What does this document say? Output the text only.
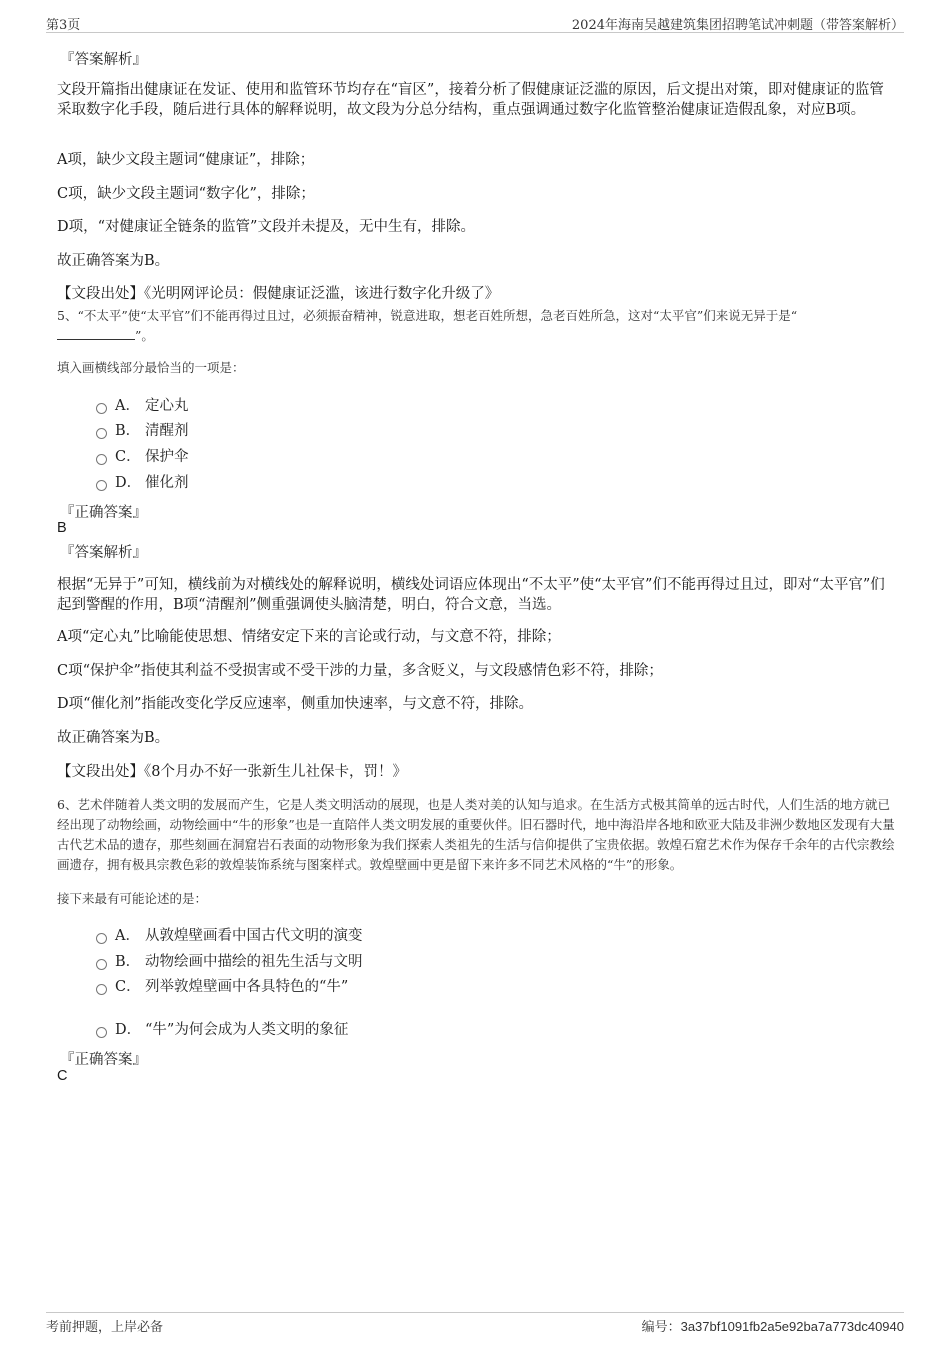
第3页	2024年海南吴越建筑集团招聘笔试冲刺题（带答案解析）
『答案解析』
文段开篇指出健康证在发证、使用和监管环节均存在“盲区”，接着分析了假健康证泛滥的原因，后文提出对策，即对健康证的监管采取数字化手段，随后进行具体的解释说明，故文段为分总分结构，重点强调通过数字化监管整治健康证造假乱象，对应B项。
A项，缺少文段主题词“健康证”，排除；
C项，缺少文段主题词“数字化”，排除；
D项，“对健康证全链条的监管”文段并未提及，无中生有，排除。
故正确答案为B。
【文段出处】《光明网评论员：假健康证泛滥，该进行数字化升级了》
5、“不太平”使“太平官”们不能再得过且过，必须振奋精神，锐意进取，想老百姓所想，急老百姓所急，这对“太平官”们来说无异于是“
”。
填入画横线部分最恰当的一项是：
A． 定心丸
B． 清醒剂
C． 保护伞
D． 催化剂
『正确答案』
B
『答案解析』
根据“无异于”可知，横线前为对横线处的解释说明，横线处词语应体现出“不太平”使“太平官”们不能再得过且过，即对“太平官”们起到警醒的作用，B项“清醒剂”侧重强调使头脑清楚，明白，符合文意，当选。
A项“定心丸”比喻能使思想、情绪安定下来的言论或行动，与文意不符，排除；
C项“保护伞”指使其利益不受损害或不受干涉的力量，多含贬义，与文段感情色彩不符，排除；
D项“催化剂”指能改变化学反应速率，侧重加快速率，与文意不符，排除。
故正确答案为B。
【文段出处】《8个月办不好一张新生儿社保卡，罚！》
6、艺术伴随着人类文明的发展而产生，它是人类文明活动的展现，也是人类对美的认知与追求。在生活方式极其简单的远古时代，人们生活的地方就已经出现了动物绘画，动物绘画中“牛的形象”也是一直陪伴人类文明发展的重要伙伴。旧石器时代，地中海沿岸各地和欧亚大陆及非洲少数地区发现有大量古代艺术品的遗存，那些刻画在洞窟岩石表面的动物形象为我们探索人类祖先的生活与信仰提供了宝贵依据。敦煌石窟艺术作为保存千余年的古代宗教绘画遗存，拥有极具宗教色彩的敦煌装饰系统与图案样式。敦煌壁画中更是留下来许多不同艺术风格的“牛”的形象。
接下来最有可能论述的是：
A． 从敦煌壁画看中国古代文明的演变
B． 动物绘画中描绘的祖先生活与文明
C． 列举敦煌壁画中各具特色的“牛”
D． “牛”为何会成为人类文明的象征
『正确答案』
C
考前押题，上岸必备	编号：3a37bf1091fb2a5e92ba7a773dc40940
